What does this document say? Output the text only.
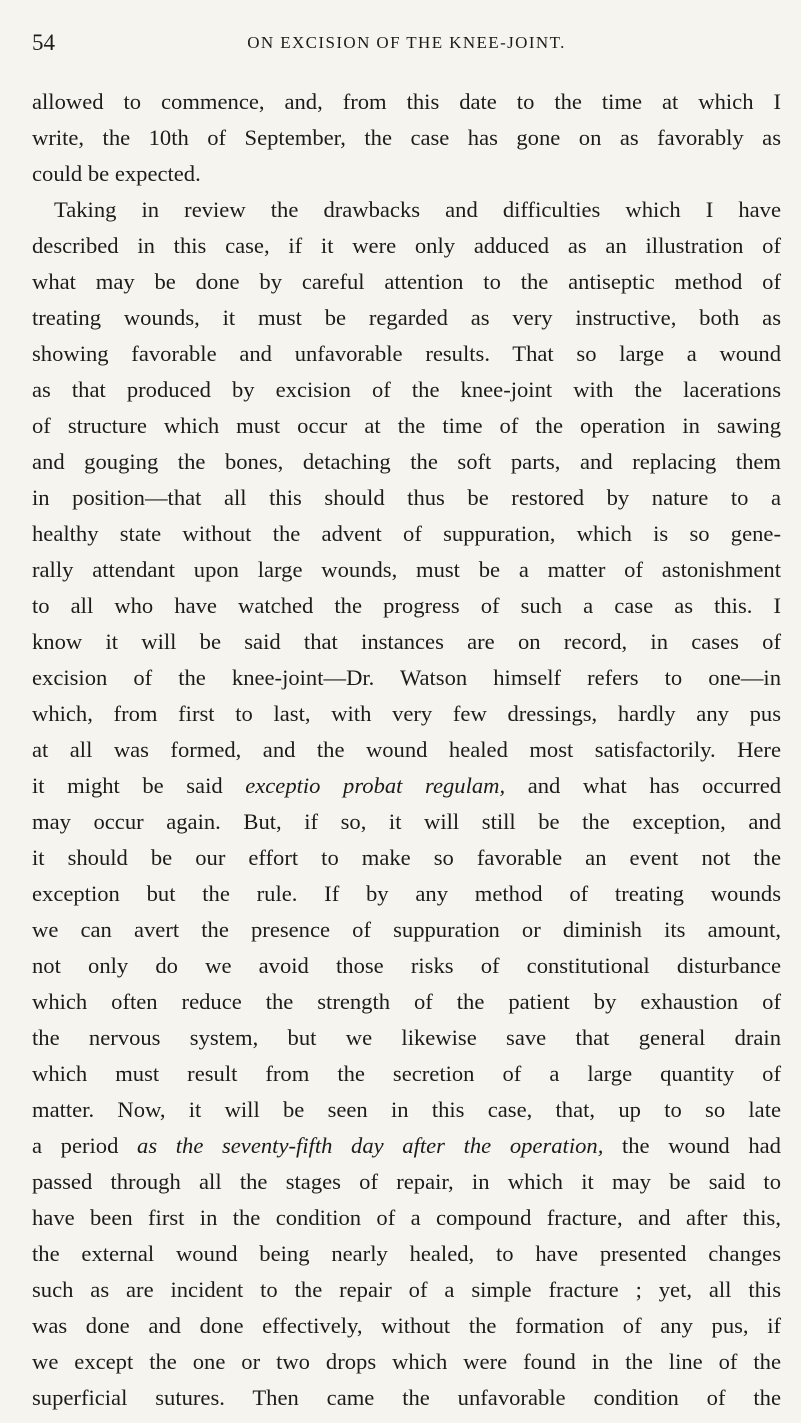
54	ON EXCISION OF THE KNEE-JOINT.
allowed to commence, and, from this date to the time at which I
write, the 10th of September, the case has gone on as favorably as
could be expected.
Taking in review the drawbacks and difficulties which I have
described in this case, if it were only adduced as an illustration of
what may be done by careful attention to the antiseptic method of
treating wounds, it must be regarded as very instructive, both as
showing favorable and unfavorable results. That so large a wound
as that produced by excision of the knee-joint with the lacerations
of structure which must occur at the time of the operation in sawing
and gouging the bones, detaching the soft parts, and replacing them
in position—that all this should thus be restored by nature to a
healthy state without the advent of suppuration, which is so gene-
rally attendant upon large wounds, must be a matter of astonishment
to all who have watched the progress of such a case as this. I
know it will be said that instances are on record, in cases of
excision of the knee-joint—Dr. Watson himself refers to one—in
which, from first to last, with very few dressings, hardly any pus
at all was formed, and the wound healed most satisfactorily. Here
it might be said exceptio probat regulam, and what has occurred
may occur again. But, if so, it will still be the exception, and
it should be our effort to make so favorable an event not the
exception but the rule. If by any method of treating wounds
we can avert the presence of suppuration or diminish its amount,
not only do we avoid those risks of constitutional disturbance
which often reduce the strength of the patient by exhaustion of
the nervous system, but we likewise save that general drain
which must result from the secretion of a large quantity of
matter. Now, it will be seen in this case, that, up to so late
a period as the seventy-fifth day after the operation, the wound had
passed through all the stages of repair, in which it may be said to
have been first in the condition of a compound fracture, and after this,
the external wound being nearly healed, to have presented changes
such as are incident to the repair of a simple fracture ; yet, all this
was done and done effectively, without the formation of any pus, if
we except the one or two drops which were found in the line of the
superficial sutures. Then came the unfavorable condition of the
